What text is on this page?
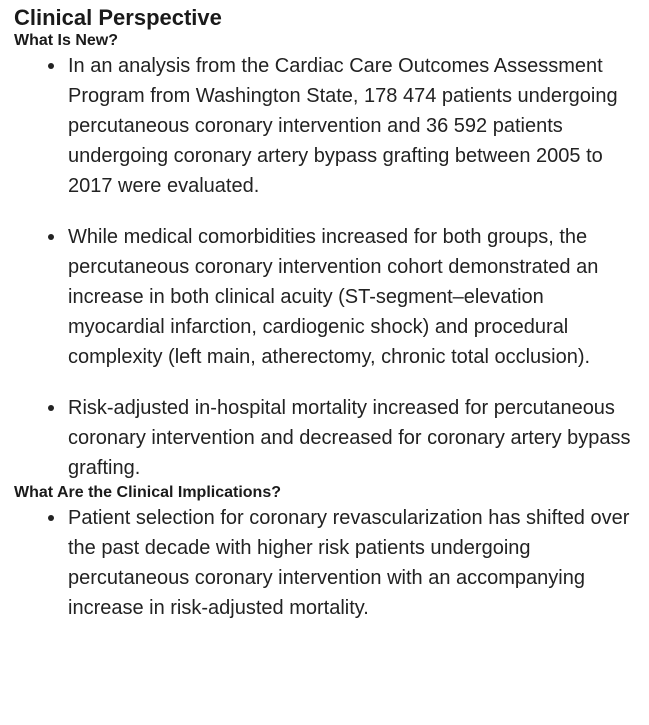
Clinical Perspective
What Is New?
In an analysis from the Cardiac Care Outcomes Assessment Program from Washington State, 178 474 patients undergoing percutaneous coronary intervention and 36 592 patients undergoing coronary artery bypass grafting between 2005 to 2017 were evaluated.
While medical comorbidities increased for both groups, the percutaneous coronary intervention cohort demonstrated an increase in both clinical acuity (ST-segment–elevation myocardial infarction, cardiogenic shock) and procedural complexity (left main, atherectomy, chronic total occlusion).
Risk-adjusted in-hospital mortality increased for percutaneous coronary intervention and decreased for coronary artery bypass grafting.
What Are the Clinical Implications?
Patient selection for coronary revascularization has shifted over the past decade with higher risk patients undergoing percutaneous coronary intervention with an accompanying increase in risk-adjusted mortality.
